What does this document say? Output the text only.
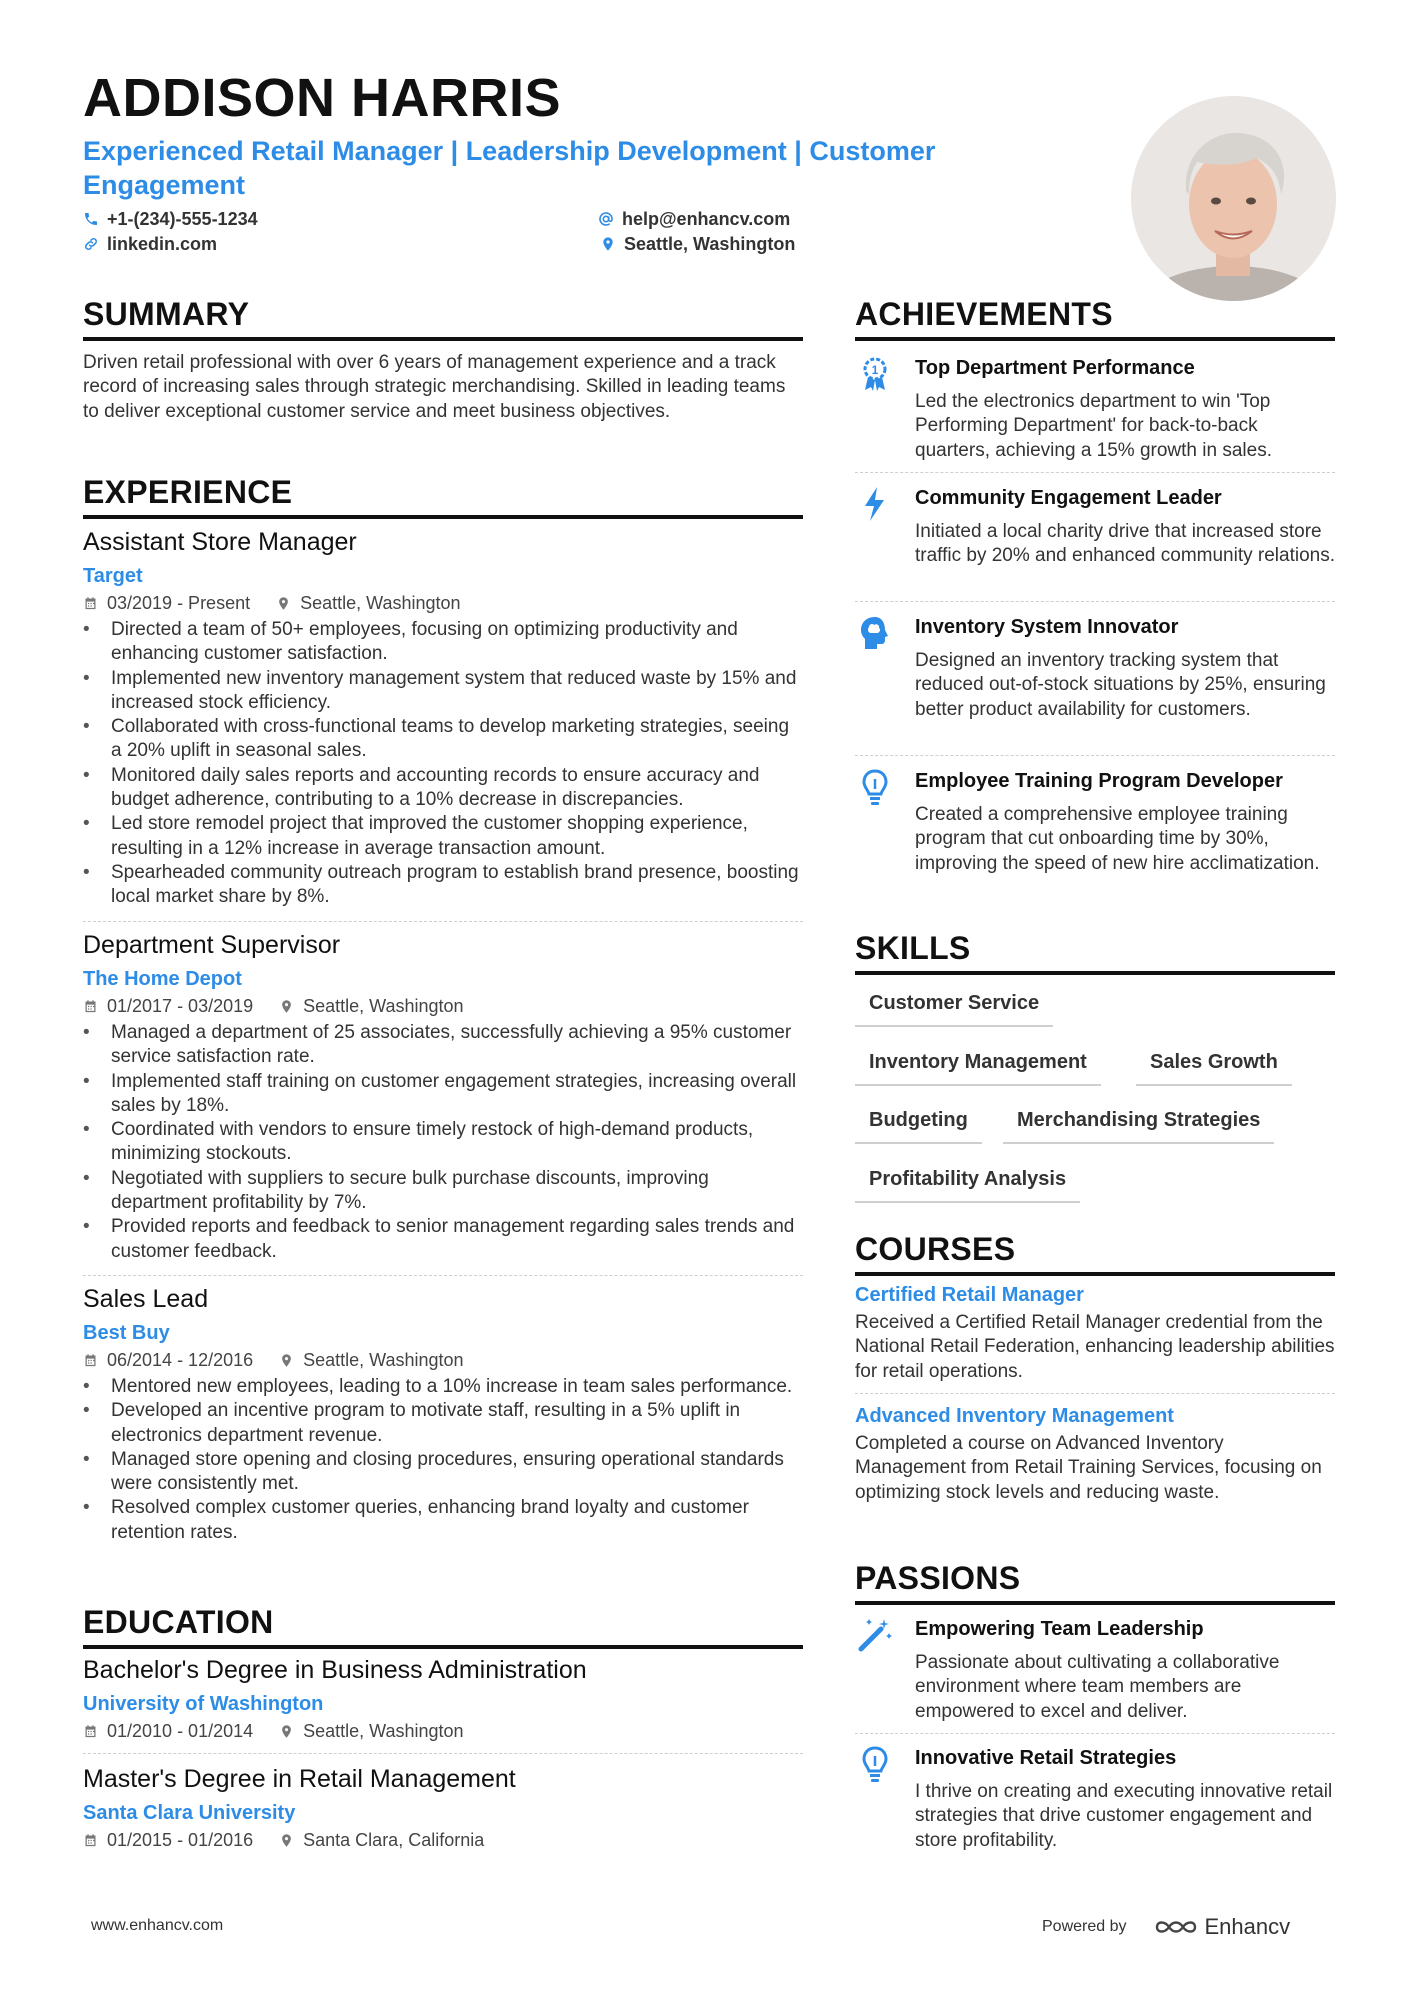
ADDISON HARRIS
Experienced Retail Manager | Leadership Development | Customer Engagement
+1-(234)-555-1234	help@enhancv.com
linkedin.com	Seattle, Washington
SUMMARY
Driven retail professional with over 6 years of management experience and a track record of increasing sales through strategic merchandising. Skilled in leading teams to deliver exceptional customer service and meet business objectives.
EXPERIENCE
Assistant Store Manager
Target
03/2019 - Present	Seattle, Washington
• Directed a team of 50+ employees, focusing on optimizing productivity and enhancing customer satisfaction.
• Implemented new inventory management system that reduced waste by 15% and increased stock efficiency.
• Collaborated with cross-functional teams to develop marketing strategies, seeing a 20% uplift in seasonal sales.
• Monitored daily sales reports and accounting records to ensure accuracy and budget adherence, contributing to a 10% decrease in discrepancies.
• Led store remodel project that improved the customer shopping experience, resulting in a 12% increase in average transaction amount.
• Spearheaded community outreach program to establish brand presence, boosting local market share by 8%.
Department Supervisor
The Home Depot
01/2017 - 03/2019	Seattle, Washington
• Managed a department of 25 associates, successfully achieving a 95% customer service satisfaction rate.
• Implemented staff training on customer engagement strategies, increasing overall sales by 18%.
• Coordinated with vendors to ensure timely restock of high-demand products, minimizing stockouts.
• Negotiated with suppliers to secure bulk purchase discounts, improving department profitability by 7%.
• Provided reports and feedback to senior management regarding sales trends and customer feedback.
Sales Lead
Best Buy
06/2014 - 12/2016	Seattle, Washington
• Mentored new employees, leading to a 10% increase in team sales performance.
• Developed an incentive program to motivate staff, resulting in a 5% uplift in electronics department revenue.
• Managed store opening and closing procedures, ensuring operational standards were consistently met.
• Resolved complex customer queries, enhancing brand loyalty and customer retention rates.
EDUCATION
Bachelor's Degree in Business Administration
University of Washington
01/2010 - 01/2014	Seattle, Washington
Master's Degree in Retail Management
Santa Clara University
01/2015 - 01/2016	Santa Clara, California
ACHIEVEMENTS
1 Top Department Performance
Led the electronics department to win 'Top Performing Department' for back-to-back quarters, achieving a 15% growth in sales.
Community Engagement Leader
Initiated a local charity drive that increased store traffic by 20% and enhanced community relations.
Inventory System Innovator
Designed an inventory tracking system that reduced out-of-stock situations by 25%, ensuring better product availability for customers.
Employee Training Program Developer
Created a comprehensive employee training program that cut onboarding time by 30%, improving the speed of new hire acclimatization.
SKILLS
Customer Service
Inventory Management	Sales Growth
Budgeting	Merchandising Strategies
Profitability Analysis
COURSES
Certified Retail Manager
Received a Certified Retail Manager credential from the National Retail Federation, enhancing leadership abilities for retail operations.
Advanced Inventory Management
Completed a course on Advanced Inventory Management from Retail Training Services, focusing on optimizing stock levels and reducing waste.
PASSIONS
Empowering Team Leadership
Passionate about cultivating a collaborative environment where team members are empowered to excel and deliver.
Innovative Retail Strategies
I thrive on creating and executing innovative retail strategies that drive customer engagement and store profitability.
www.enhancv.com	Powered by	Enhancv
